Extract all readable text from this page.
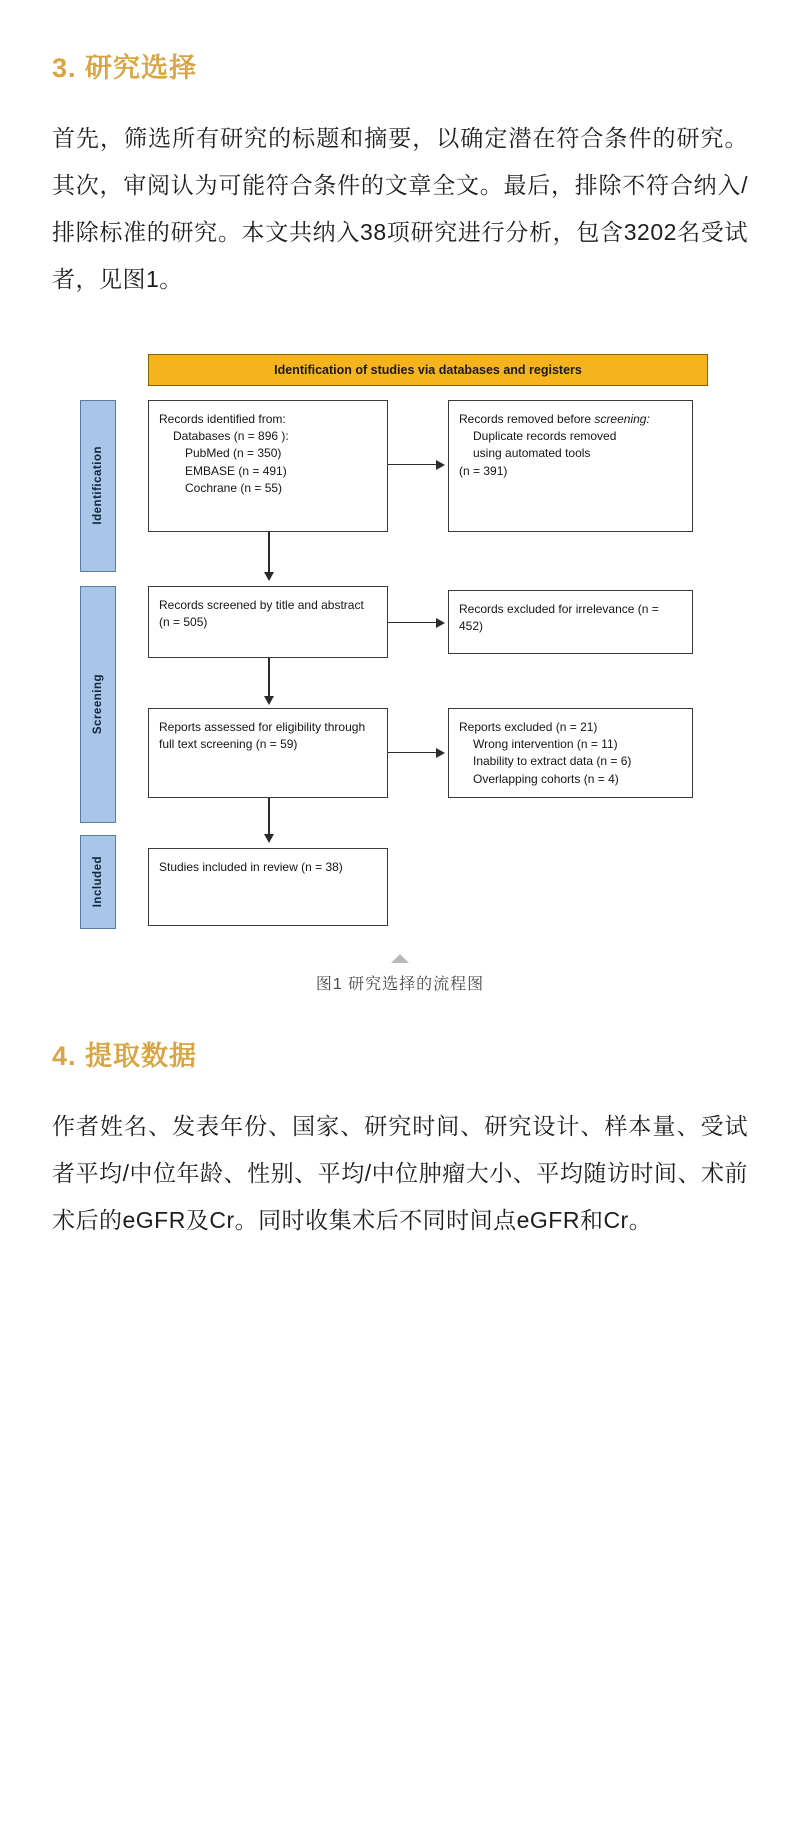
3. 研究选择

首先，筛选所有研究的标题和摘要，以确定潜在符合条件的研究。其次，审阅认为可能符合条件的文章全文。最后，排除不符合纳入/排除标准的研究。本文共纳入38项研究进行分析，包含3202名受试者，见图1。

Identification of studies via databases and registers
Identification
Screening
Included
Records identified from:
Databases (n = 896 ):
PubMed (n = 350)
EMBASE (n = 491)
Cochrane (n = 55)
Records removed before screening:
Duplicate records removed
using automated tools
(n = 391)
Records screened by title and abstract (n = 505)
Records excluded for irrelevance (n = 452)
Reports assessed for eligibility through full text screening (n = 59)
Reports excluded (n = 21)
Wrong intervention (n = 11)
Inability to extract data (n = 6)
Overlapping cohorts (n = 4)
Studies included in review (n = 38)
图1 研究选择的流程图
4. 提取数据

作者姓名、发表年份、国家、研究时间、研究设计、样本量、受试者平均/中位年龄、性别、平均/中位肿瘤大小、平均随访时间、术前术后的eGFR及Cr。同时收集术后不同时间点eGFR和Cr。
